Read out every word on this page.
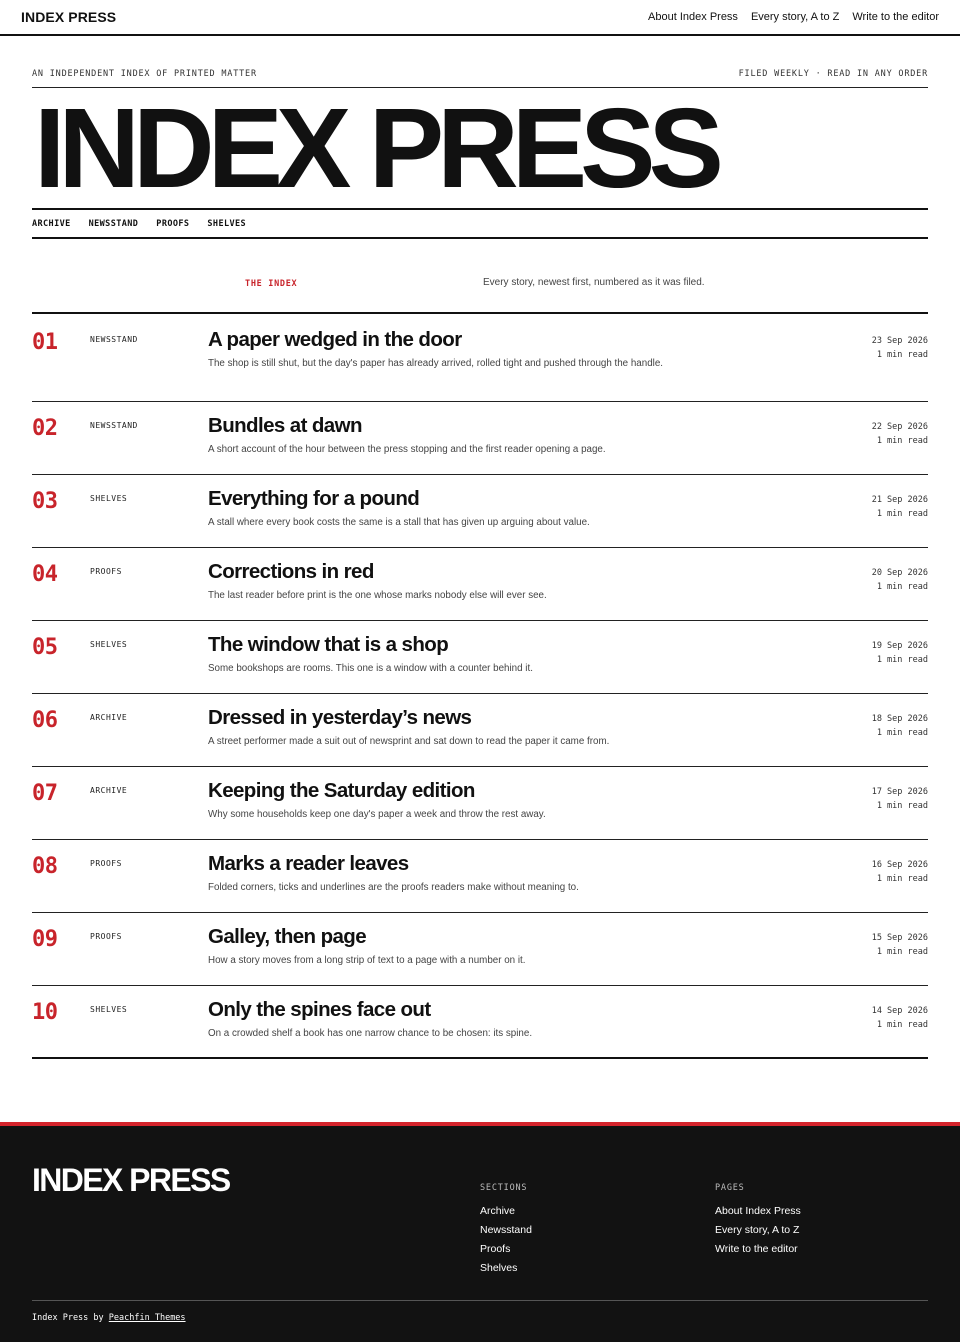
INDEX PRESS	About Index Press Every story, A to Z Write to the editor
AN INDEPENDENT INDEX OF PRINTED MATTER	FILED WEEKLY · READ IN ANY ORDER
INDEX PRESS
ARCHIVE NEWSSTAND PROOFS SHELVES
THE INDEX	Every story, newest first, numbered as it was filed.
01	NEWSSTAND	A paper wedged in the door
The shop is still shut, but the day's paper has already arrived, rolled tight and pushed through the handle.
23 Sep 2026
1 min read
02	NEWSSTAND	Bundles at dawn
A short account of the hour between the press stopping and the first reader opening a page.
22 Sep 2026
1 min read
03	SHELVES	Everything for a pound
A stall where every book costs the same is a stall that has given up arguing about value.
21 Sep 2026
1 min read
04	PROOFS	Corrections in red
The last reader before print is the one whose marks nobody else will ever see.
20 Sep 2026
1 min read
05	SHELVES	The window that is a shop
Some bookshops are rooms. This one is a window with a counter behind it.
19 Sep 2026
1 min read
06	ARCHIVE	Dressed in yesterday’s news
A street performer made a suit out of newsprint and sat down to read the paper it came from.
18 Sep 2026
1 min read
07	ARCHIVE	Keeping the Saturday edition
Why some households keep one day's paper a week and throw the rest away.
17 Sep 2026
1 min read
08	PROOFS	Marks a reader leaves
Folded corners, ticks and underlines are the proofs readers make without meaning to.
16 Sep 2026
1 min read
09	PROOFS	Galley, then page
How a story moves from a long strip of text to a page with a number on it.
15 Sep 2026
1 min read
10	SHELVES	Only the spines face out
On a crowded shelf a book has one narrow chance to be chosen: its spine.
14 Sep 2026
1 min read
INDEX PRESS	SECTIONS
Archive
Newsstand
Proofs
Shelves
PAGES
About Index Press
Every story, A to Z
Write to the editor
Index Press by Peachfin Themes
